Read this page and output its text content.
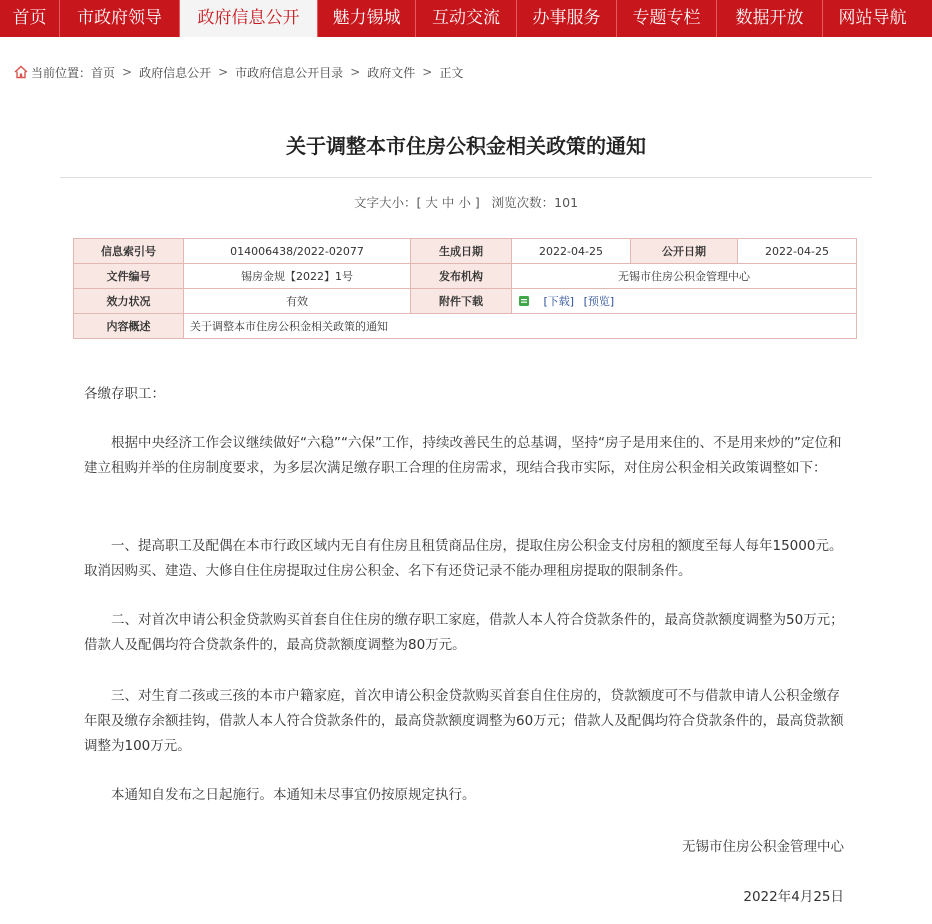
首页	市政府领导	政府信息公开	魅力锡城	互动交流	办事服务	专题专栏	数据开放	网站导航
当前位置： 首页 > 政府信息公开 > 市政府信息公开目录 > 政府文件 > 正文
关于调整本市住房公积金相关政策的通知
文字大小：[ 大 中 小 ] 浏览次数：101
信息索引号	014006438/2022-02077	生成日期	2022-04-25	公开日期	2022-04-25
文件编号	锡房金规【2022】1号	发布机构	无锡市住房公积金管理中心		
效力状况	有效	附件下载	[下载] [预览]		
内容概述	关于调整本市住房公积金相关政策的通知				
各缴存职工：
根据中央经济工作会议继续做好“六稳”“六保”工作，持续改善民生的总基调，坚持“房子是用来住的、不是用来炒的”定位和建立租购并举的住房制度要求，为多层次满足缴存职工合理的住房需求，现结合我市实际，对住房公积金相关政策调整如下：
一、提高职工及配偶在本市行政区域内无自有住房且租赁商品住房，提取住房公积金支付房租的额度至每人每年15000元。取消因购买、建造、大修自住住房提取过住房公积金、名下有还贷记录不能办理租房提取的限制条件。
二、对首次申请公积金贷款购买首套自住住房的缴存职工家庭，借款人本人符合贷款条件的，最高贷款额度调整为50万元；借款人及配偶均符合贷款条件的，最高贷款额度调整为80万元。
三、对生育二孩或三孩的本市户籍家庭，首次申请公积金贷款购买首套自住住房的，贷款额度可不与借款申请人公积金缴存年限及缴存余额挂钩，借款人本人符合贷款条件的，最高贷款额度调整为60万元；借款人及配偶均符合贷款条件的，最高贷款额调整为100万元。
本通知自发布之日起施行。本通知未尽事宜仍按原规定执行。
无锡市住房公积金管理中心
2022年4月25日
